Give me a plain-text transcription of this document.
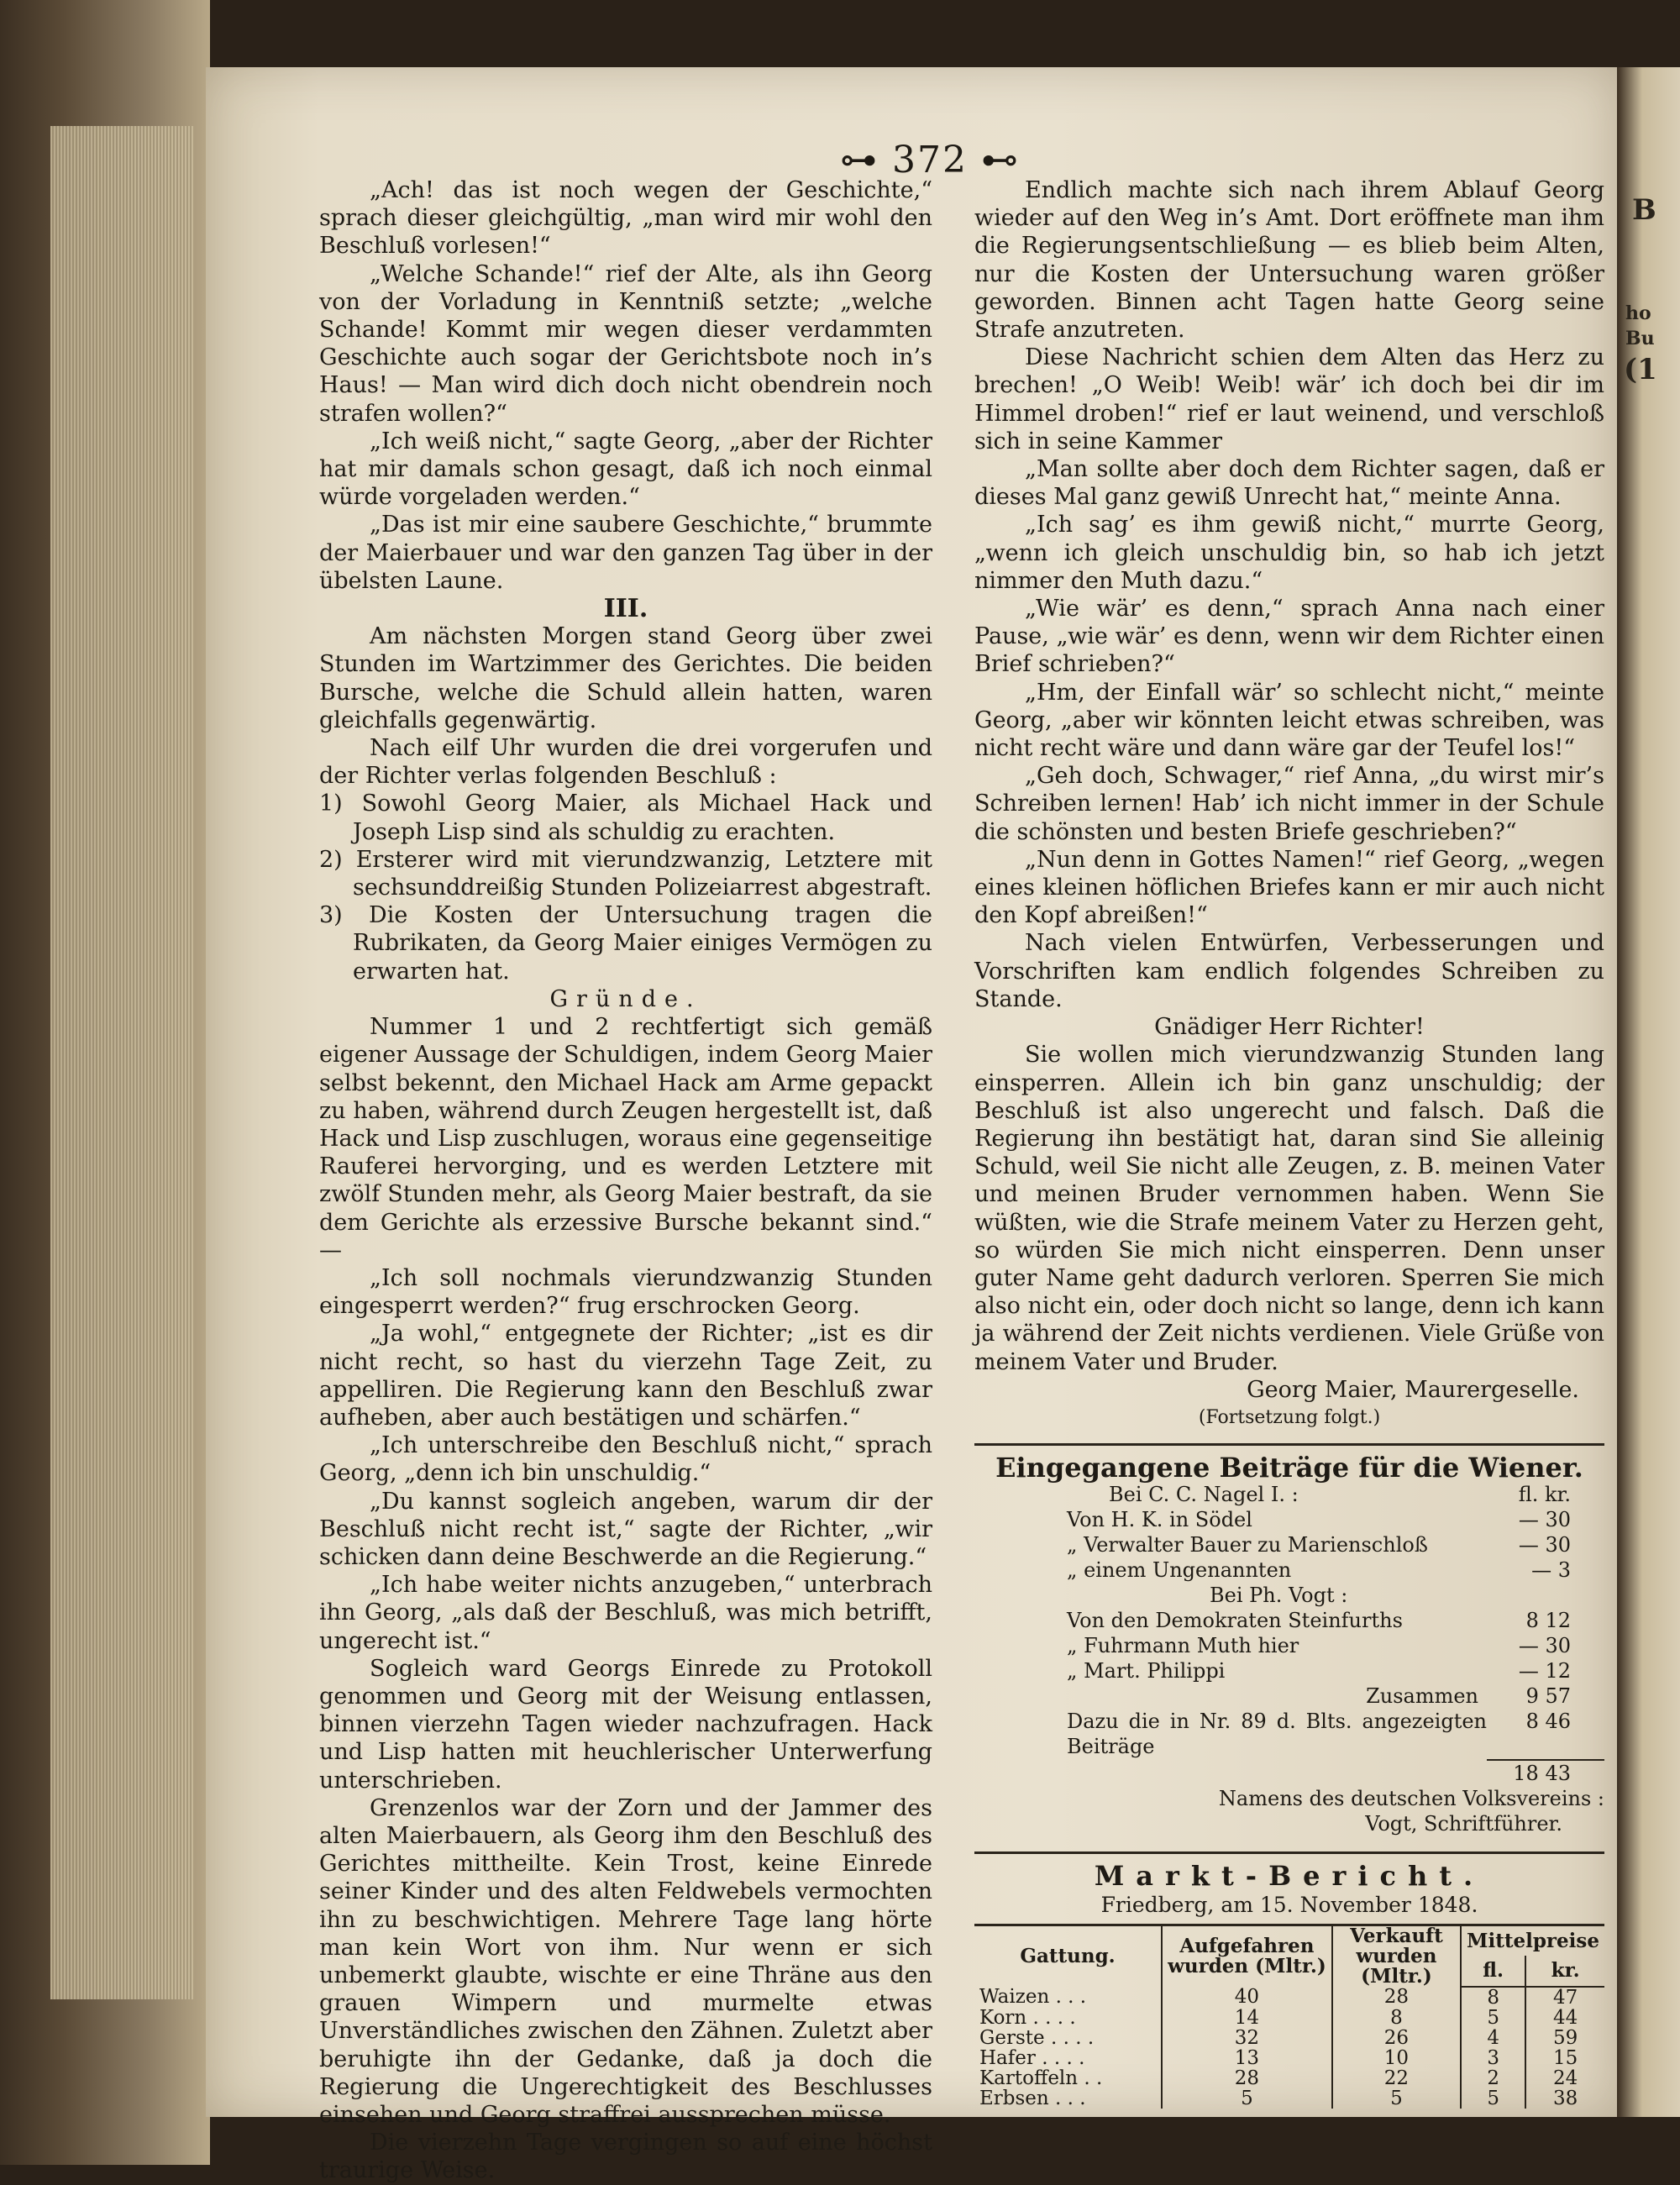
B
ho
Bu
(1
⊶ 372 ⊷

„Ach! das ist noch wegen der Geschichte,“ sprach dieser gleichgültig, „man wird mir wohl den Beschluß vorlesen!“

„Welche Schande!“ rief der Alte, als ihn Georg von der Vorladung in Kenntniß setzte; „welche Schande! Kommt mir wegen dieser verdammten Geschichte auch sogar der Gerichtsbote noch in’s Haus! — Man wird dich doch nicht obendrein noch strafen wollen?“

„Ich weiß nicht,“ sagte Georg, „aber der Richter hat mir damals schon gesagt, daß ich noch einmal würde vorgeladen werden.“

„Das ist mir eine saubere Geschichte,“ brummte der Maierbauer und war den ganzen Tag über in der übelsten Laune.

III.

Am nächsten Morgen stand Georg über zwei Stunden im Wartzimmer des Gerichtes. Die beiden Bursche, welche die Schuld allein hatten, waren gleichfalls gegenwärtig.

Nach eilf Uhr wurden die drei vorgerufen und der Richter verlas folgenden Beschluß :

1) Sowohl Georg Maier, als Michael Hack und Joseph Lisp sind als schuldig zu erachten.

2) Ersterer wird mit vierundzwanzig, Letztere mit sechsunddreißig Stunden Polizeiarrest abgestraft.

3) Die Kosten der Untersuchung tragen die Rubrikaten, da Georg Maier einiges Vermögen zu erwarten hat.

Gründe.

Nummer 1 und 2 rechtfertigt sich gemäß eigener Aussage der Schuldigen, indem Georg Maier selbst bekennt, den Michael Hack am Arme gepackt zu haben, während durch Zeugen hergestellt ist, daß Hack und Lisp zuschlugen, woraus eine gegenseitige Rauferei hervorging, und es werden Letztere mit zwölf Stunden mehr, als Georg Maier bestraft, da sie dem Gerichte als erzessive Bursche bekannt sind.“ —

„Ich soll nochmals vierundzwanzig Stunden eingesperrt werden?“ frug erschrocken Georg.

„Ja wohl,“ entgegnete der Richter; „ist es dir nicht recht, so hast du vierzehn Tage Zeit, zu appelliren. Die Regierung kann den Beschluß zwar aufheben, aber auch bestätigen und schärfen.“

„Ich unterschreibe den Beschluß nicht,“ sprach Georg, „denn ich bin unschuldig.“

„Du kannst sogleich angeben, warum dir der Beschluß nicht recht ist,“ sagte der Richter, „wir schicken dann deine Beschwerde an die Regierung.“

„Ich habe weiter nichts anzugeben,“ unterbrach ihn Georg, „als daß der Beschluß, was mich betrifft, ungerecht ist.“

Sogleich ward Georgs Einrede zu Protokoll genommen und Georg mit der Weisung entlassen, binnen vierzehn Tagen wieder nachzufragen. Hack und Lisp hatten mit heuchlerischer Unterwerfung unterschrieben.

Grenzenlos war der Zorn und der Jammer des alten Maierbauern, als Georg ihm den Beschluß des Gerichtes mittheilte. Kein Trost, keine Einrede seiner Kinder und des alten Feldwebels vermochten ihn zu beschwichtigen. Mehrere Tage lang hörte man kein Wort von ihm. Nur wenn er sich unbemerkt glaubte, wischte er eine Thräne aus den grauen Wimpern und murmelte etwas Unverständliches zwischen den Zähnen. Zuletzt aber beruhigte ihn der Gedanke, daß ja doch die Regierung die Ungerechtigkeit des Beschlusses einsehen und Georg straffrei aussprechen müsse.

Die vierzehn Tage vergingen so auf eine höchst traurige Weise.

Endlich machte sich nach ihrem Ablauf Georg wieder auf den Weg in’s Amt. Dort eröffnete man ihm die Regierungsentschließung — es blieb beim Alten, nur die Kosten der Untersuchung waren größer geworden. Binnen acht Tagen hatte Georg seine Strafe anzutreten.

Diese Nachricht schien dem Alten das Herz zu brechen! „O Weib! Weib! wär’ ich doch bei dir im Himmel droben!“ rief er laut weinend, und verschloß sich in seine Kammer

„Man sollte aber doch dem Richter sagen, daß er dieses Mal ganz gewiß Unrecht hat,“ meinte Anna.

„Ich sag’ es ihm gewiß nicht,“ murrte Georg, „wenn ich gleich unschuldig bin, so hab ich jetzt nimmer den Muth dazu.“

„Wie wär’ es denn,“ sprach Anna nach einer Pause, „wie wär’ es denn, wenn wir dem Richter einen Brief schrieben?“

„Hm, der Einfall wär’ so schlecht nicht,“ meinte Georg, „aber wir könnten leicht etwas schreiben, was nicht recht wäre und dann wäre gar der Teufel los!“

„Geh doch, Schwager,“ rief Anna, „du wirst mir’s Schreiben lernen! Hab’ ich nicht immer in der Schule die schönsten und besten Briefe geschrieben?“

„Nun denn in Gottes Namen!“ rief Georg, „wegen eines kleinen höflichen Briefes kann er mir auch nicht den Kopf abreißen!“

Nach vielen Entwürfen, Verbesserungen und Vorschriften kam endlich folgendes Schreiben zu Stande.

Gnädiger Herr Richter!

Sie wollen mich vierundzwanzig Stunden lang einsperren. Allein ich bin ganz unschuldig; der Beschluß ist also ungerecht und falsch. Daß die Regierung ihn bestätigt hat, daran sind Sie alleinig Schuld, weil Sie nicht alle Zeugen, z. B. meinen Vater und meinen Bruder vernommen haben. Wenn Sie wüßten, wie die Strafe meinem Vater zu Herzen geht, so würden Sie mich nicht einsperren. Denn unser guter Name geht dadurch verloren. Sperren Sie mich also nicht ein, oder doch nicht so lange, denn ich kann ja während der Zeit nichts verdienen. Viele Grüße von meinem Vater und Bruder.

Georg Maier, Maurergeselle.

(Fortsetzung folgt.)

Eingegangene Beiträge für die Wiener.
Bei C. C. Nagel I. :	fl. kr.
Von H. K. in Södel	— 30
„ Verwalter Bauer zu Marienschloß	— 30
„ einem Ungenannten	— 3
Bei Ph. Vogt :
Von den Demokraten Steinfurths	8 12
„ Fuhrmann Muth hier	— 30
„ Mart. Philippi	— 12
Zusammen	9 57
Dazu die in Nr. 89 d. Blts. angezeigten Beiträge
8 46
18 43
Namens des deutschen Volksvereins :
Vogt, Schriftführer.
Markt-Bericht.
Friedberg, am 15. November 1848.
Gattung.	Aufgefahren wurden (Mltr.)	Verkauft wurden (Mltr.)	Mittelpreise	
			fl.	kr.
Waizen . . .	40	28	8	47
Korn . . . .	14	8	5	44
Gerste . . . .	32	26	4	59
Hafer . . . .	13	10	3	15
Kartoffeln . .	28	22	2	24
Erbsen . . .	5	5	5	38
